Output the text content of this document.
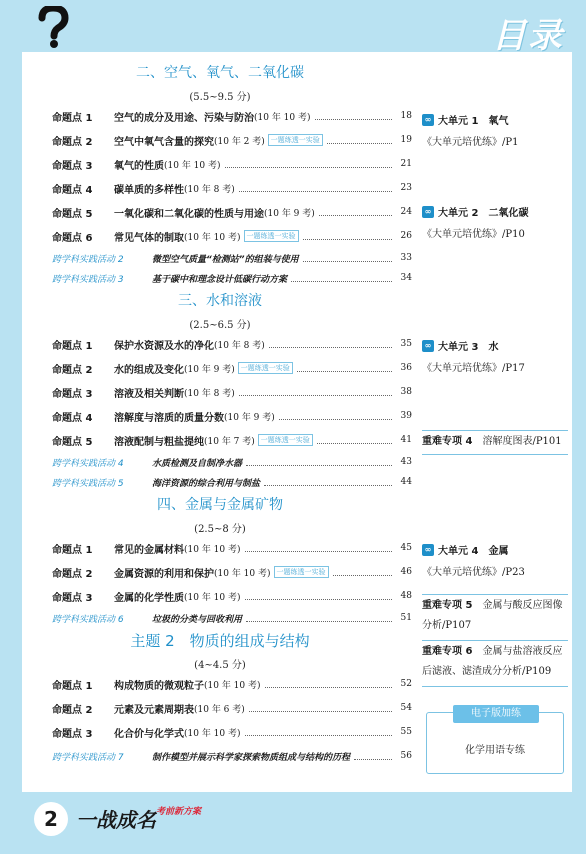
目录
二、空气、氧气、二氧化碳
(5.5~9.5 分)
三、水和溶液
(2.5~6.5 分)
四、金属与金属矿物
(2.5~8 分)
主题 2　物质的组成与结构
(4~4.5 分)
命题点 1	空气的成分及用途、污染与防治 (10 年 10 考)	18
命题点 2	空气中氧气含量的探究 (10 年 2 考) 一题练透一实验	19
命题点 3	氧气的性质 (10 年 10 考)	21
命题点 4	碳单质的多样性 (10 年 8 考)	23
命题点 5	一氧化碳和二氧化碳的性质与用途 (10 年 9 考)	24
命题点 6	常见气体的制取 (10 年 10 考) 一题练透一实验	26
跨学科实践活动 2	微型空气质量“检测站”的组装与使用	33
跨学科实践活动 3	基于碳中和理念设计低碳行动方案	34
命题点 1	保护水资源及水的净化 (10 年 8 考)	35
命题点 2	水的组成及变化 (10 年 9 考) 一题练透一实验	36
命题点 3	溶液及相关判断 (10 年 8 考)	38
命题点 4	溶解度与溶质的质量分数 (10 年 9 考)	39
命题点 5	溶液配制与粗盐提纯 (10 年 7 考) 一题练透一实验	41
跨学科实践活动 4	水质检测及自制净水器	43
跨学科实践活动 5	海洋资源的综合利用与制盐	44
命题点 1	常见的金属材料 (10 年 10 考)	45
命题点 2	金属资源的利用和保护 (10 年 10 考) 一题练透一实验	46
命题点 3	金属的化学性质 (10 年 10 考)	48
跨学科实践活动 6	垃圾的分类与回收利用	51
命题点 1	构成物质的微观粒子 (10 年 10 考)	52
命题点 2	元素及元素周期表 (10 年 6 考)	54
命题点 3	化合价与化学式 (10 年 10 考)	55
跨学科实践活动 7	制作模型并展示科学家探索物质组成与结构的历程	56
∞ 大单元 1　氧气
《大单元培优练》/P1
∞ 大单元 2　二氧化碳
《大单元培优练》/P10
∞ 大单元 3　水
《大单元培优练》/P17
重难专项 4　 溶解度图表/P101
∞ 大单元 4　金属
《大单元培优练》/P23
重难专项 5　 金属与酸反应图像分析/P107
重难专项 6　 金属与盐溶液反应后滤液、滤渣成分分析/P109
电子版加练
化学用语专练
2 一战成名$^{考前新方案}$
